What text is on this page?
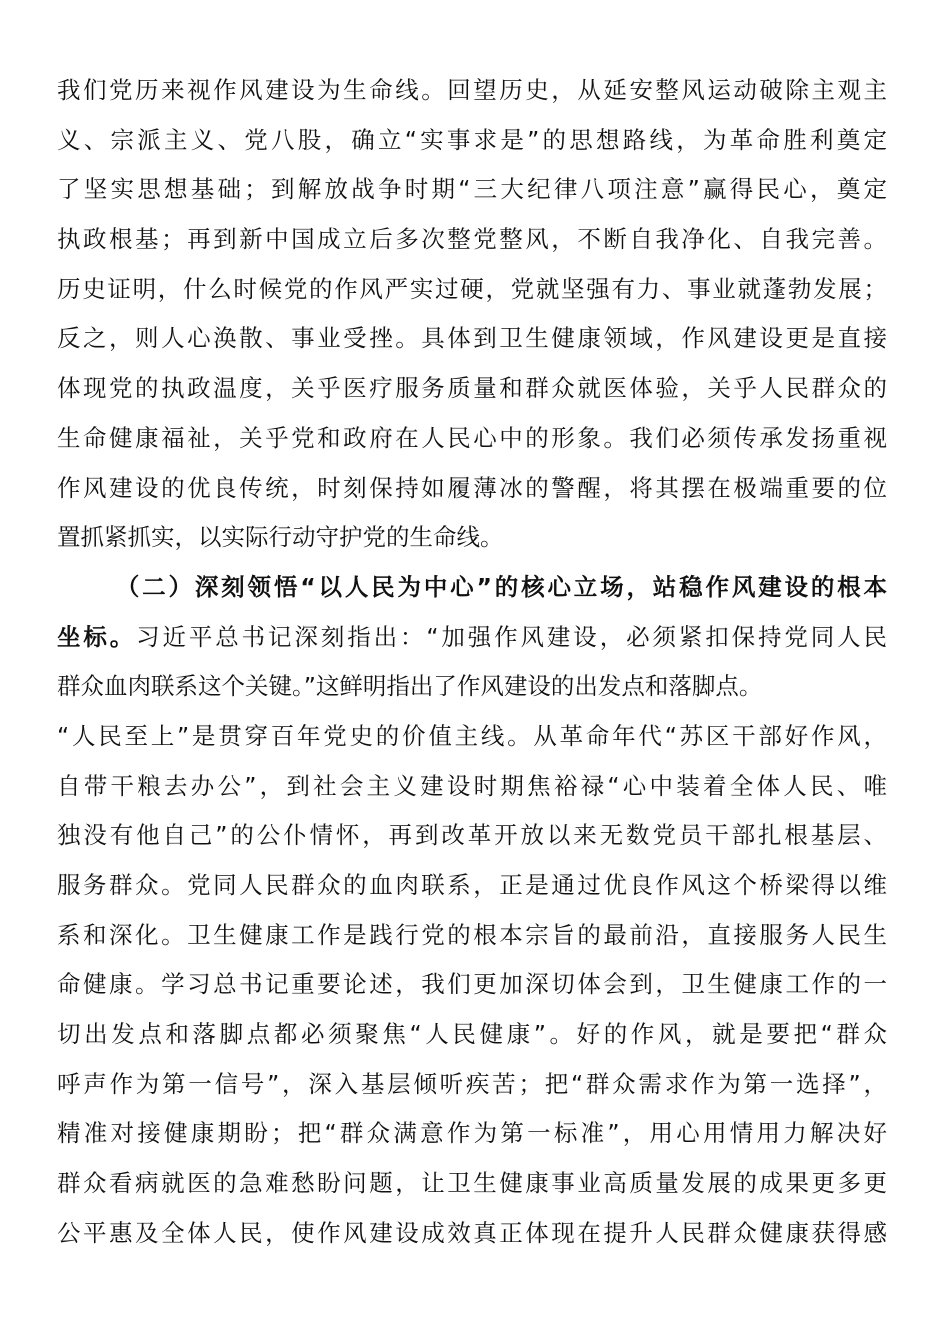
我们党历来视作风建设为生命线。回望历史，从延安整风运动破除主观主
义、宗派主义、党八股，确立“实事求是”的思想路线，为革命胜利奠定
了坚实思想基础；到解放战争时期“三大纪律八项注意”赢得民心，奠定
执政根基；再到新中国成立后多次整党整风，不断自我净化、自我完善。
历史证明，什么时候党的作风严实过硬，党就坚强有力、事业就蓬勃发展；
反之，则人心涣散、事业受挫。具体到卫生健康领域，作风建设更是直接
体现党的执政温度，关乎医疗服务质量和群众就医体验，关乎人民群众的
生命健康福祉，关乎党和政府在人民心中的形象。我们必须传承发扬重视
作风建设的优良传统，时刻保持如履薄冰的警醒，将其摆在极端重要的位
置抓紧抓实，以实际行动守护党的生命线。
（二）深刻领悟“以人民为中心”的核心立场，站稳作风建设的根本
坐标。习近平总书记深刻指出：“加强作风建设，必须紧扣保持党同人民
群众血肉联系这个关键。”这鲜明指出了作风建设的出发点和落脚点。
“人民至上”是贯穿百年党史的价值主线。从革命年代“苏区干部好作风，
自带干粮去办公”，到社会主义建设时期焦裕禄“心中装着全体人民、唯
独没有他自己”的公仆情怀，再到改革开放以来无数党员干部扎根基层、
服务群众。党同人民群众的血肉联系，正是通过优良作风这个桥梁得以维
系和深化。卫生健康工作是践行党的根本宗旨的最前沿，直接服务人民生
命健康。学习总书记重要论述，我们更加深切体会到，卫生健康工作的一
切出发点和落脚点都必须聚焦“人民健康”。好的作风，就是要把“群众
呼声作为第一信号”，深入基层倾听疾苦；把“群众需求作为第一选择”，
精准对接健康期盼；把“群众满意作为第一标准”，用心用情用力解决好
群众看病就医的急难愁盼问题，让卫生健康事业高质量发展的成果更多更
公平惠及全体人民，使作风建设成效真正体现在提升人民群众健康获得感
